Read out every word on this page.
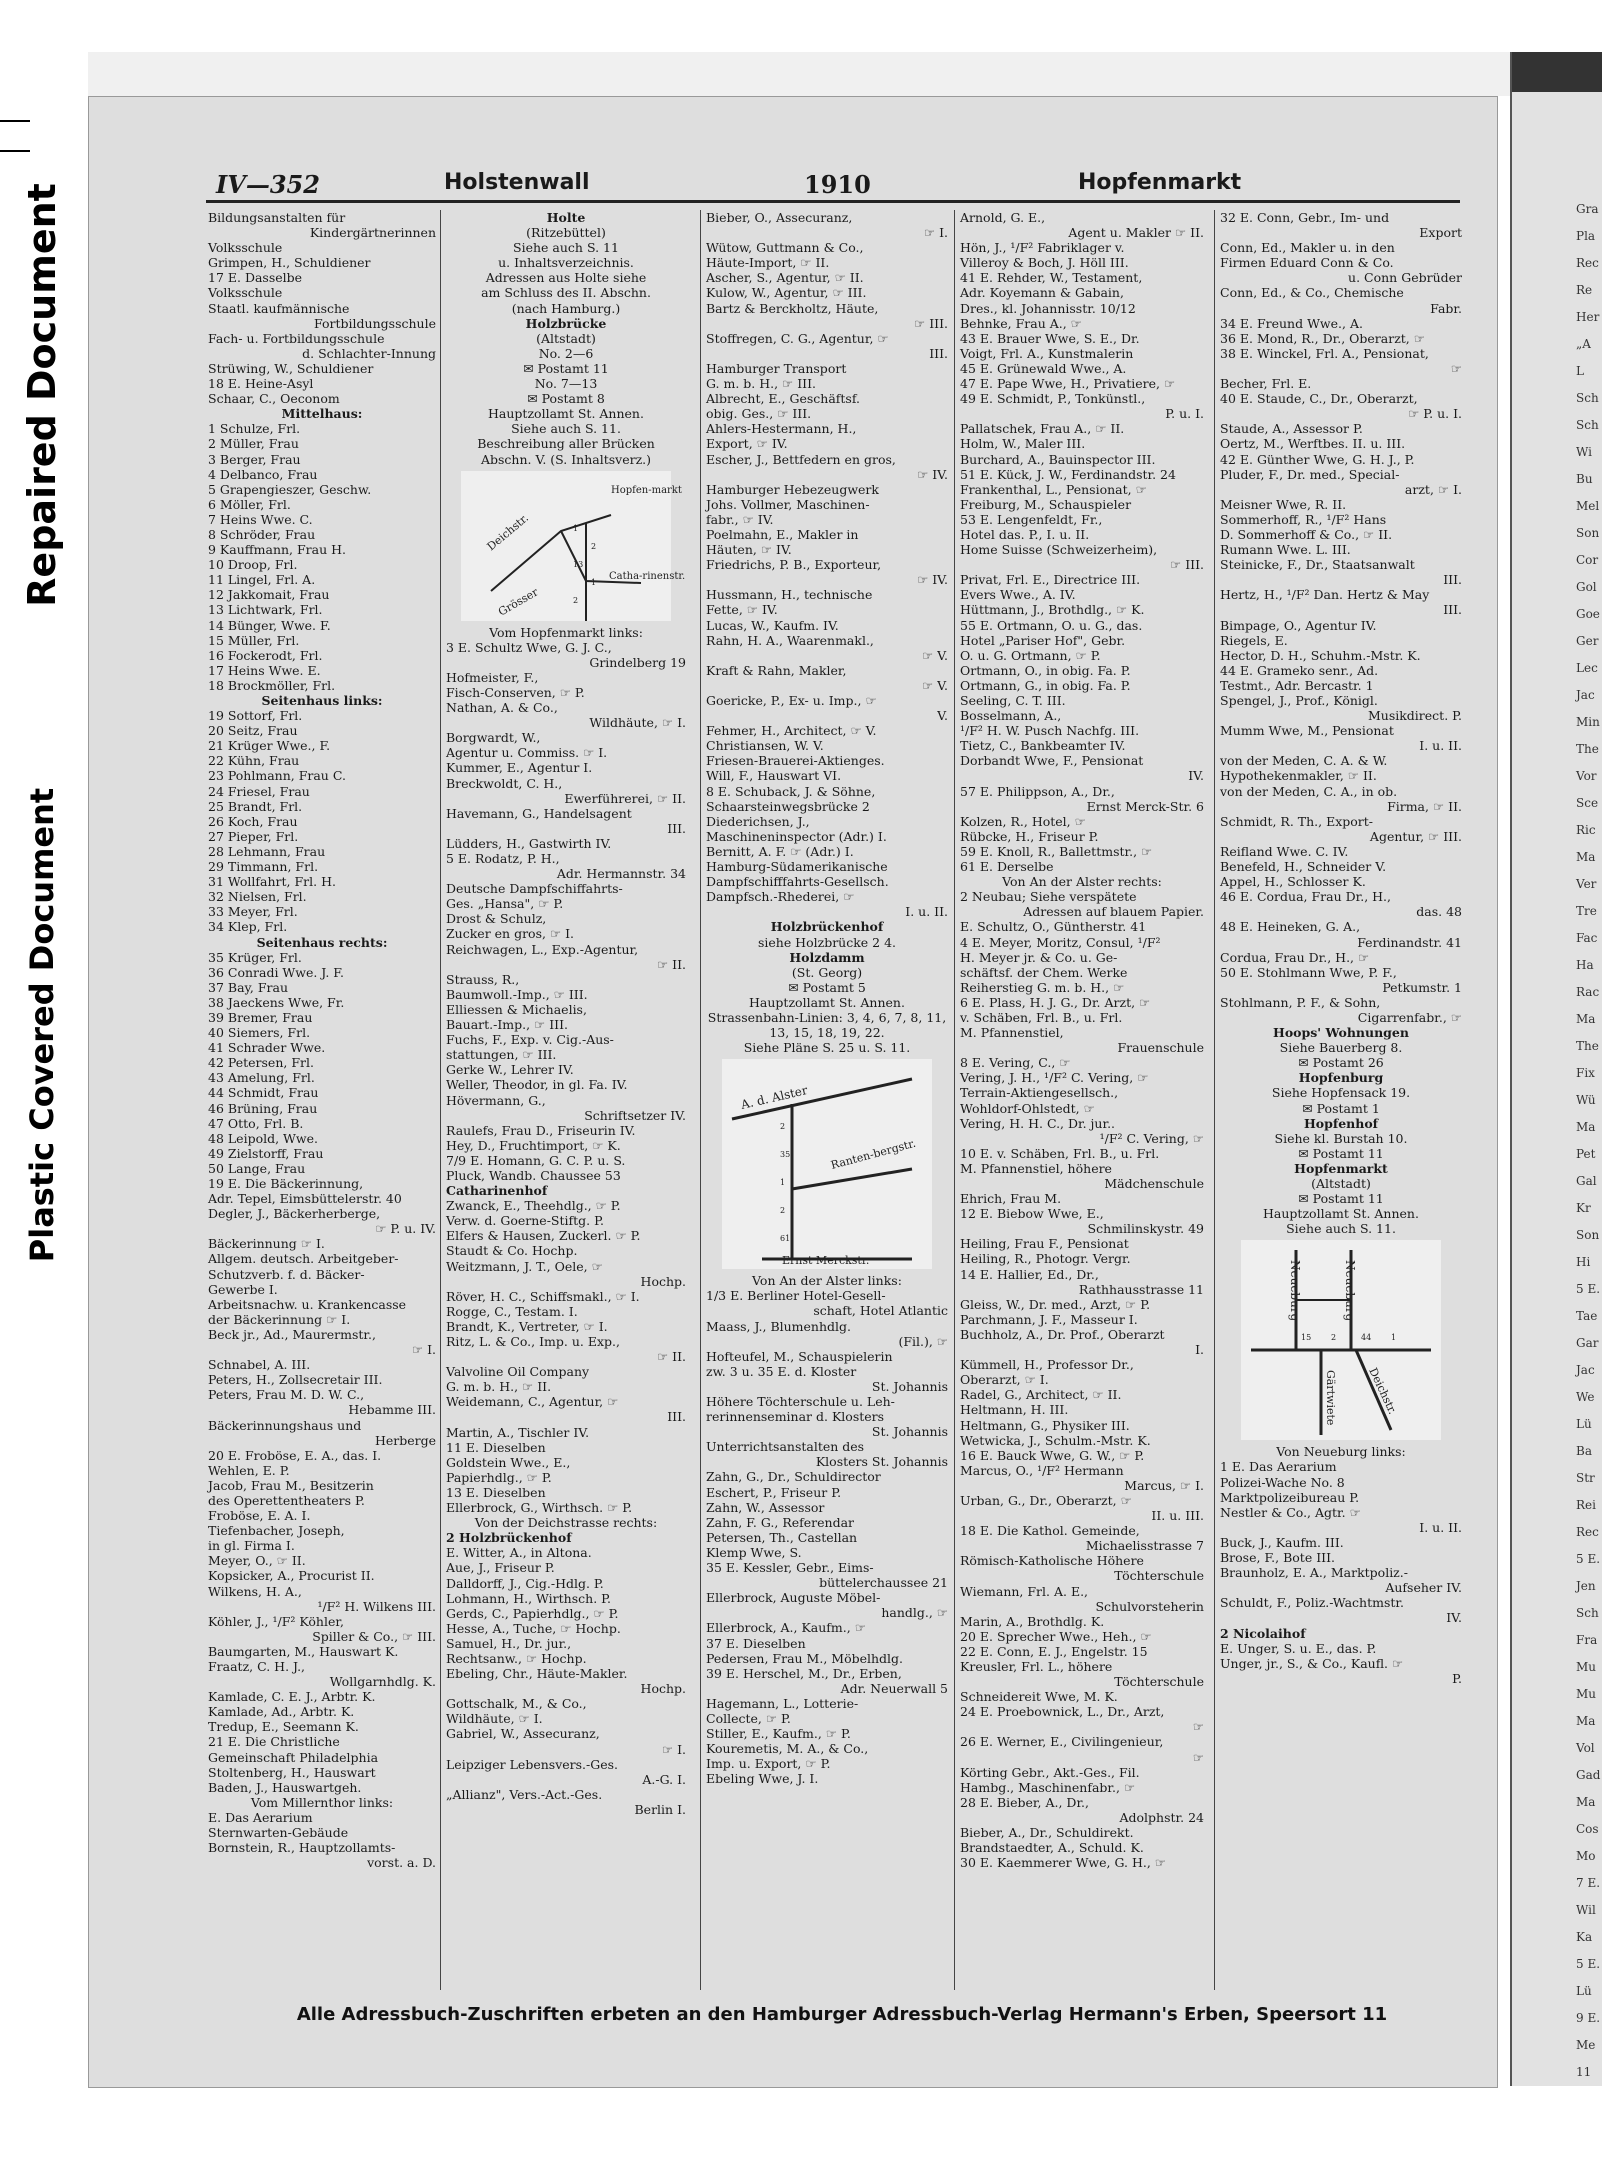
Repaired Document
Plastic Covered Document
Gra
Pla
Rec
Re
Her
„A
L
Sch
Sch
Wi
Bu
Mel
Son
Cor
Gol
Goe
Ger
Lec
Jac
Min
The
Vor
Sce
Ric
Ma
Ver
Tre
Fac
Ha
Rac
Ma
The
Fix
Wü
Ma
Pet
Gal
Kr
Son
Hi
5 E.
Tae
Gar
Jac
We
Lü
Ba
Str
Rei
Rec
5 E.
Jen
Sch
Fra
Mu
Mu
Ma
Vol
Gad
Ma
Cos
Mo
7 E.
Wil
Ka
5 E.
Lü
9 E.
Me
11
IV—352	Holstenwall	1910	Hopfenmarkt
Bildungsanstalten für
Kindergärtnerinnen
Volksschule
Grimpen, H., Schuldiener
17 E. Dasselbe
Volksschule
Staatl. kaufmännische
Fortbildungsschule
Fach- u. Fortbildungsschule
d. Schlachter-Innung
Strüwing, W., Schuldiener
18 E. Heine-Asyl
Schaar, C., Oeconom
Mittelhaus:
1 Schulze, Frl.
2 Müller, Frau
3 Berger, Frau
4 Delbanco, Frau
5 Grapengieszer, Geschw.
6 Möller, Frl.
7 Heins Wwe. C.
8 Schröder, Frau
9 Kauffmann, Frau H.
10 Droop, Frl.
11 Lingel, Frl. A.
12 Jakkomait, Frau
13 Lichtwark, Frl.
14 Bünger, Wwe. F.
15 Müller, Frl.
16 Fockerodt, Frl.
17 Heins Wwe. E.
18 Brockmöller, Frl.
Seitenhaus links:
19 Sottorf, Frl.
20 Seitz, Frau
21 Krüger Wwe., F.
22 Kühn, Frau
23 Pohlmann, Frau C.
24 Friesel, Frau
25 Brandt, Frl.
26 Koch, Frau
27 Pieper, Frl.
28 Lehmann, Frau
29 Timmann, Frl.
31 Wollfahrt, Frl. H.
32 Nielsen, Frl.
33 Meyer, Frl.
34 Klep, Frl.
Seitenhaus rechts:
35 Krüger, Frl.
36 Conradi Wwe. J. F.
37 Bay, Frau
38 Jaeckens Wwe, Fr.
39 Bremer, Frau
40 Siemers, Frl.
41 Schrader Wwe.
42 Petersen, Frl.
43 Amelung, Frl.
44 Schmidt, Frau
46 Brüning, Frau
47 Otto, Frl. B.
48 Leipold, Wwe.
49 Zielstorff, Frau
50 Lange, Frau
19 E. Die Bäckerinnung,
Adr. Tepel, Eimsbüttelerstr. 40
Degler, J., Bäckerherberge,
☞ P. u. IV.
Bäckerinnung ☞ I.
Allgem. deutsch. Arbeitgeber-
Schutzverb. f. d. Bäcker-
Gewerbe I.
Arbeitsnachw. u. Krankencasse
der Bäckerinnung ☞ I.
Beck jr., Ad., Maurermstr.,
☞ I.
Schnabel, A. III.
Peters, H., Zollsecretair III.
Peters, Frau M. D. W. C.,
Hebamme III.
Bäckerinnungshaus und
Herberge
20 E. Froböse, E. A., das. I.
Wehlen, E. P.
Jacob, Frau M., Besitzerin
des Operettentheaters P.
Froböse, E. A. I.
Tiefenbacher, Joseph,
in gl. Firma I.
Meyer, O., ☞ II.
Kopsicker, A., Procurist II.
Wilkens, H. A.,
¹/F² H. Wilkens III.
Köhler, J., ¹/F² Köhler,
Spiller & Co., ☞ III.
Baumgarten, M., Hauswart K.
Fraatz, C. H. J.,
Wollgarnhdlg. K.
Kamlade, C. E. J., Arbtr. K.
Kamlade, Ad., Arbtr. K.
Tredup, E., Seemann K.
21 E. Die Christliche
Gemeinschaft Philadelphia
Stoltenberg, H., Hauswart
Baden, J., Hauswartgeh.
Vom Millernthor links:
E. Das Aerarium
Sternwarten-Gebäude
Bornstein, R., Hauptzollamts-
vorst. a. D.
Holte
(Ritzebüttel)
Siehe auch S. 11
u. Inhaltsverzeichnis.
Adressen aus Holte siehe
am Schluss des II. Abschn.
(nach Hamburg.)
Holzbrücke
(Altstadt)
No. 2—6
✉ Postamt 11
No. 7—13
✉ Postamt 8
Hauptzollamt St. Annen.
Siehe auch S. 11.
Beschreibung aller Brücken
Abschn. V. (S. Inhaltsverz.)
Deichstr.
Hopfen-markt
Catha-rinenstr.
Grösser
1
2
13
1
2
Vom Hopfenmarkt links:
3 E. Schultz Wwe, G. J. C.,
Grindelberg 19
Hofmeister, F.,
Fisch-Conserven, ☞ P.
Nathan, A. & Co.,
Wildhäute, ☞ I.
Borgwardt, W.,
Agentur u. Commiss. ☞ I.
Kummer, E., Agentur I.
Breckwoldt, C. H.,
Ewerführerei, ☞ II.
Havemann, G., Handelsagent
III.
Lüdders, H., Gastwirth IV.
5 E. Rodatz, P. H.,
Adr. Hermannstr. 34
Deutsche Dampfschiffahrts-
Ges. „Hansa", ☞ P.
Drost & Schulz,
Zucker en gros, ☞ I.
Reichwagen, L., Exp.-Agentur,
☞ II.
Strauss, R.,
Baumwoll.-Imp., ☞ III.
Elliessen & Michaelis,
Bauart.-Imp., ☞ III.
Fuchs, F., Exp. v. Cig.-Aus-
stattungen, ☞ III.
Gerke W., Lehrer IV.
Weller, Theodor, in gl. Fa. IV.
Hövermann, G.,
Schriftsetzer IV.
Raulefs, Frau D., Friseurin IV.
Hey, D., Fruchtimport, ☞ K.
7/9 E. Homann, G. C. P. u. S.
Pluck, Wandb. Chaussee 53
Catharinenhof
Zwanck, E., Theehdlg., ☞ P.
Verw. d. Goerne-Stiftg. P.
Elfers & Hausen, Zuckerl. ☞ P.
Staudt & Co. Hochp.
Weitzmann, J. T., Oele, ☞
Hochp.
Röver, H. C., Schiffsmakl., ☞ I.
Rogge, C., Testam. I.
Brandt, K., Vertreter, ☞ I.
Ritz, L. & Co., Imp. u. Exp.,
☞ II.
Valvoline Oil Company
G. m. b. H., ☞ II.
Weidemann, C., Agentur, ☞
III.
Martin, A., Tischler IV.
11 E. Dieselben
Goldstein Wwe., E.,
Papierhdlg., ☞ P.
13 E. Dieselben
Ellerbrock, G., Wirthsch. ☞ P.
Von der Deichstrasse rechts:
2 Holzbrückenhof
E. Witter, A., in Altona.
Aue, J., Friseur P.
Dalldorff, J., Cig.-Hdlg. P.
Lohmann, H., Wirthsch. P.
Gerds, C., Papierhdlg., ☞ P.
Hesse, A., Tuche, ☞ Hochp.
Samuel, H., Dr. jur.,
Rechtsanw., ☞ Hochp.
Ebeling, Chr., Häute-Makler.
Hochp.
Gottschalk, M., & Co.,
Wildhäute, ☞ I.
Gabriel, W., Assecuranz,
☞ I.
Leipziger Lebensvers.-Ges.
A.-G. I.
„Allianz", Vers.-Act.-Ges.
Berlin I.
Bieber, O., Assecuranz,
☞ I.
Wütow, Guttmann & Co.,
Häute-Import, ☞ II.
Ascher, S., Agentur, ☞ II.
Kulow, W., Agentur, ☞ III.
Bartz & Berckholtz, Häute,
☞ III.
Stoffregen, C. G., Agentur, ☞
III.
Hamburger Transport
G. m. b. H., ☞ III.
Albrecht, E., Geschäftsf.
obig. Ges., ☞ III.
Ahlers-Hestermann, H.,
Export, ☞ IV.
Escher, J., Bettfedern en gros,
☞ IV.
Hamburger Hebezeugwerk
Johs. Vollmer, Maschinen-
fabr., ☞ IV.
Poelmahn, E., Makler in
Häuten, ☞ IV.
Friedrichs, P. B., Exporteur,
☞ IV.
Hussmann, H., technische
Fette, ☞ IV.
Lucas, W., Kaufm. IV.
Rahn, H. A., Waarenmakl.,
☞ V.
Kraft & Rahn, Makler,
☞ V.
Goericke, P., Ex- u. Imp., ☞
V.
Fehmer, H., Architect, ☞ V.
Christiansen, W. V.
Friesen-Brauerei-Aktienges.
Will, F., Hauswart VI.
8 E. Schuback, J. & Söhne,
Schaarsteinwegsbrücke 2
Diederichsen, J.,
Maschineninspector (Adr.) I.
Bernitt, A. F. ☞ (Adr.) I.
Hamburg-Südamerikanische
Dampfschifffahrts-Gesellsch.
Dampfsch.-Rhederei, ☞
I. u. II.
Holzbrückenhof
siehe Holzbrücke 2 4.
Holzdamm
(St. Georg)
✉ Postamt 5
Hauptzollamt St. Annen.
Strassenbahn-Linien: 3, 4, 6, 7, 8, 11,
13, 15, 18, 19, 22.
Siehe Pläne S. 25 u. S. 11.
A. d. Alster
Ranten-bergstr.
Ernst Merckstr.
2
35
1
2
61
Von An der Alster links:
1/3 E. Berliner Hotel-Gesell-
schaft, Hotel Atlantic
Maass, J., Blumenhdlg.
(Fil.), ☞
Hofteufel, M., Schauspielerin
zw. 3 u. 35 E. d. Kloster
St. Johannis
Höhere Töchterschule u. Leh-
rerinnenseminar d. Klosters
St. Johannis
Unterrichtsanstalten des
Klosters St. Johannis
Zahn, G., Dr., Schuldirector
Eschert, P., Friseur P.
Zahn, W., Assessor
Zahn, F. G., Referendar
Petersen, Th., Castellan
Klemp Wwe, S.
35 E. Kessler, Gebr., Eims-
büttelerchaussee 21
Ellerbrock, Auguste Möbel-
handlg., ☞
Ellerbrock, A., Kaufm., ☞
37 E. Dieselben
Pedersen, Frau M., Möbelhdlg.
39 E. Herschel, M., Dr., Erben,
Adr. Neuerwall 5
Hagemann, L., Lotterie-
Collecte, ☞ P.
Stiller, E., Kaufm., ☞ P.
Kouremetis, M. A., & Co.,
Imp. u. Export, ☞ P.
Ebeling Wwe, J. I.
Arnold, G. E.,
Agent u. Makler ☞ II.
Hön, J., ¹/F² Fabriklager v.
Villeroy & Boch, J. Höll III.
41 E. Rehder, W., Testament,
Adr. Koyemann & Gabain,
Dres., kl. Johannisstr. 10/12
Behnke, Frau A., ☞
43 E. Brauer Wwe, S. E., Dr.
Voigt, Frl. A., Kunstmalerin
45 E. Grünewald Wwe., A.
47 E. Pape Wwe, H., Privatiere, ☞
49 E. Schmidt, P., Tonkünstl.,
P. u. I.
Pallatschek, Frau A., ☞ II.
Holm, W., Maler III.
Burchard, A., Bauinspector III.
51 E. Kück, J. W., Ferdinandstr. 24
Frankenthal, L., Pensionat, ☞
Freiburg, M., Schauspieler
53 E. Lengenfeldt, Fr.,
Hotel das. P., I. u. II.
Home Suisse (Schweizerheim),
☞ III.
Privat, Frl. E., Directrice III.
Evers Wwe., A. IV.
Hüttmann, J., Brothdlg., ☞ K.
55 E. Ortmann, O. u. G., das.
Hotel „Pariser Hof", Gebr.
O. u. G. Ortmann, ☞ P.
Ortmann, O., in obig. Fa. P.
Ortmann, G., in obig. Fa. P.
Seeling, C. T. III.
Bosselmann, A.,
¹/F² H. W. Pusch Nachfg. III.
Tietz, C., Bankbeamter IV.
Dorbandt Wwe, F., Pensionat
IV.
57 E. Philippson, A., Dr.,
Ernst Merck-Str. 6
Kolzen, R., Hotel, ☞
Rübcke, H., Friseur P.
59 E. Knoll, R., Ballettmstr., ☞
61 E. Derselbe
Von An der Alster rechts:
2 Neubau; Siehe verspätete
Adressen auf blauem Papier.
E. Schultz, O., Güntherstr. 41
4 E. Meyer, Moritz, Consul, ¹/F²
H. Meyer jr. & Co. u. Ge-
schäftsf. der Chem. Werke
Reiherstieg G. m. b. H., ☞
6 E. Plass, H. J. G., Dr. Arzt, ☞
v. Schäben, Frl. B., u. Frl.
M. Pfannenstiel,
Frauenschule
8 E. Vering, C., ☞
Vering, J. H., ¹/F² C. Vering, ☞
Terrain-Aktiengesellsch.,
Wohldorf-Ohlstedt, ☞
Vering, H. H. C., Dr. jur..
¹/F² C. Vering, ☞
10 E. v. Schäben, Frl. B., u. Frl.
M. Pfannenstiel, höhere
Mädchenschule
Ehrich, Frau M.
12 E. Biebow Wwe, E.,
Schmilinskystr. 49
Heiling, Frau F., Pensionat
Heiling, R., Photogr. Vergr.
14 E. Hallier, Ed., Dr.,
Rathhausstrasse 11
Gleiss, W., Dr. med., Arzt, ☞ P.
Parchmann, J. F., Masseur I.
Buchholz, A., Dr. Prof., Oberarzt
I.
Kümmell, H., Professor Dr.,
Oberarzt, ☞ I.
Radel, G., Architect, ☞ II.
Heltmann, H. III.
Heltmann, G., Physiker III.
Wetwicka, J., Schulm.-Mstr. K.
16 E. Bauck Wwe, G. W., ☞ P.
Marcus, O., ¹/F² Hermann
Marcus, ☞ I.
Urban, G., Dr., Oberarzt, ☞
II. u. III.
18 E. Die Kathol. Gemeinde,
Michaelisstrasse 7
Römisch-Katholische Höhere
Töchterschule
Wiemann, Frl. A. E.,
Schulvorsteherin
Marin, A., Brothdlg. K.
20 E. Sprecher Wwe., Heh., ☞
22 E. Conn, E. J., Engelstr. 15
Kreusler, Frl. L., höhere
Töchterschule
Schneidereit Wwe, M. K.
24 E. Proebownick, L., Dr., Arzt,
☞
26 E. Werner, E., Civilingenieur,
☞
Körting Gebr., Akt.-Ges., Fil.
Hambg., Maschinenfabr., ☞
28 E. Bieber, A., Dr.,
Adolphstr. 24
Bieber, A., Dr., Schuldirekt.
Brandstaedter, A., Schuld. K.
30 E. Kaemmerer Wwe, G. H., ☞
32 E. Conn, Gebr., Im- und
Export
Conn, Ed., Makler u. in den
Firmen Eduard Conn & Co.
u. Conn Gebrüder
Conn, Ed., & Co., Chemische
Fabr.
34 E. Freund Wwe., A.
36 E. Mond, R., Dr., Oberarzt, ☞
38 E. Winckel, Frl. A., Pensionat,
☞
Becher, Frl. E.
40 E. Staude, C., Dr., Oberarzt,
☞ P. u. I.
Staude, A., Assessor P.
Oertz, M., Werftbes. II. u. III.
42 E. Günther Wwe, G. H. J., P.
Pluder, F., Dr. med., Special-
arzt, ☞ I.
Meisner Wwe, R. II.
Sommerhoff, R., ¹/F² Hans
D. Sommerhoff & Co., ☞ II.
Rumann Wwe. L. III.
Steinicke, F., Dr., Staatsanwalt
III.
Hertz, H., ¹/F² Dan. Hertz & May
III.
Bimpage, O., Agentur IV.
Riegels, E.
Hector, D. H., Schuhm.-Mstr. K.
44 E. Grameko senr., Ad.
Testmt., Adr. Bercastr. 1
Spengel, J., Prof., Königl.
Musikdirect. P.
Mumm Wwe, M., Pensionat
I. u. II.
von der Meden, C. A. & W.
Hypothekenmakler, ☞ II.
von der Meden, C. A., in ob.
Firma, ☞ II.
Schmidt, R. Th., Export-
Agentur, ☞ III.
Reifland Wwe. C. IV.
Benefeld, H., Schneider V.
Appel, H., Schlosser K.
46 E. Cordua, Frau Dr., H.,
das. 48
48 E. Heineken, G. A.,
Ferdinandstr. 41
Cordua, Frau Dr., H., ☞
50 E. Stohlmann Wwe, P. F.,
Petkumstr. 1
Stohlmann, P. F., & Sohn,
Cigarrenfabr., ☞
Hoops' Wohnungen
Siehe Bauerberg 8.
✉ Postamt 26
Hopfenburg
Siehe Hopfensack 19.
✉ Postamt 1
Hopfenhof
Siehe kl. Burstah 10.
✉ Postamt 11
Hopfenmarkt
(Altstadt)
✉ Postamt 11
Hauptzollamt St. Annen.
Siehe auch S. 11.
Neueburg	Neueburg
Gärtwiete	Deichstr.
15 2	44 1
Von Neueburg links:
1 E. Das Aerarium
Polizei-Wache No. 8
Marktpolizeibureau P.
Nestler & Co., Agtr. ☞
I. u. II.
Buck, J., Kaufm. III.
Brose, F., Bote III.
Braunholz, E. A., Marktpoliz.-
Aufseher IV.
Schuldt, F., Poliz.-Wachtmstr.
IV.
2 Nicolaihof
E. Unger, S. u. E., das. P.
Unger, jr., S., & Co., Kaufl. ☞
P.
Alle Adressbuch-Zuschriften erbeten an den Hamburger Adressbuch-Verlag Hermann's Erben, Speersort 11
